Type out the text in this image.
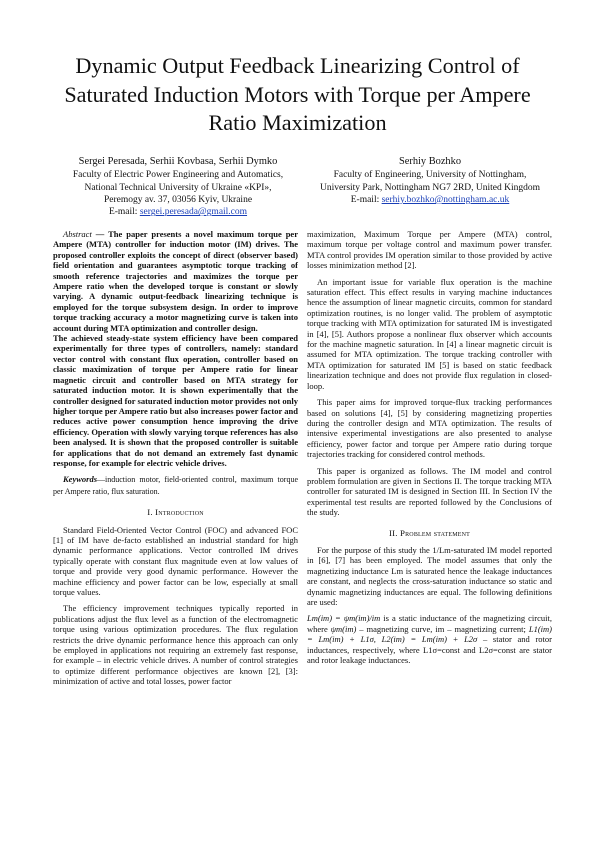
Dynamic Output Feedback Linearizing Control of Saturated Induction Motors with Torque per Ampere Ratio Maximization
Sergei Peresada, Serhii Kovbasa, Serhii Dymko
Faculty of Electric Power Engineering and Automatics,
National Technical University of Ukraine «KPI»,
Peremogy av. 37, 03056 Kyiv, Ukraine
E-mail: sergei.peresada@gmail.com
Serhiy Bozhko
Faculty of Engineering, University of Nottingham,
University Park, Nottingham NG7 2RD, United Kingdom
E-mail: serhiy.bozhko@nottingham.ac.uk

Abstract — The paper presents a novel maximum torque per Ampere (MTA) controller for induction motor (IM) drives. The proposed controller exploits the concept of direct (observer based) field orientation and guarantees asymptotic torque tracking of smooth reference trajectories and maximizes the torque per Ampere ratio when the developed torque is constant or slowly varying. A dynamic output-feedback linearizing technique is employed for the torque subsystem design. In order to improve torque tracking accuracy a motor magnetizing curve is taken into account during MTA optimization and controller design.

The achieved steady-state system efficiency have been compared experimentally for three types of controllers, namely: standard vector control with constant flux operation, controller based on classic maximization of torque per Ampere ratio for linear magnetic circuit and controller based on MTA strategy for saturated induction motor. It is shown experimentally that the controller designed for saturated induction motor provides not only higher torque per Ampere ratio but also increases power factor and reduces active power consumption hence improving the drive efficiency. Operation with slowly varying torque references has also been analysed. It is shown that the proposed controller is suitable for applications that do not demand an extremely fast dynamic response, for example for electric vehicle drives.

Keywords—induction motor, field-oriented control, maximum torque per Ampere ratio, flux saturation.

I. Introduction

Standard Field-Oriented Vector Control (FOC) and advanced FOC [1] of IM have de-facto established an industrial standard for high dynamic performance applications. Vector controlled IM drives typically operate with constant flux magnitude even at low values of torque and provide very good dynamic performance. However the machine efficiency and power factor can be low, especially at small torque values.

The efficiency improvement techniques typically reported in publications adjust the flux level as a function of the electromagnetic torque using various optimization procedures. The flux regulation restricts the drive dynamic performance hence this approach can only be employed in applications not requiring an extremely fast response, for example – in electric vehicle drives. A number of control strategies to optimize different performance objectives are known [2], [3]: minimization of active and total losses, power factor

maximization, Maximum Torque per Ampere (MTA) control, maximum torque per voltage control and maximum power transfer. MTA control provides IM operation similar to those provided by active losses minimization method [2].

An important issue for variable flux operation is the machine saturation effect. This effect results in varying machine inductances hence the assumption of linear magnetic circuits, common for standard optimization routines, is no longer valid. The problem of asymptotic torque tracking with MTA optimization for saturated IM is investigated in [4], [5]. Authors propose a nonlinear flux observer which accounts for the machine magnetic saturation. In [4] a linear magnetic circuit is assumed for MTA optimization. The torque tracking controller with MTA optimization for saturated IM [5] is based on static feedback linearization technique and does not provide flux regulation in closed-loop.

This paper aims for improved torque-flux tracking performances based on solutions [4], [5] by considering magnetizing properties during the controller design and MTA optimization. The results of intensive experimental investigations are also presented to analyse efficiency, power factor and torque per Ampere ratio during torque trajectories tracking for considered control methods.

This paper is organized as follows. The IM model and control problem formulation are given in Sections II. The torque tracking MTA controller for saturated IM is designed in Section III. In Section IV the experimental test results are reported followed by the Conclusions of the study.

II. Problem statement

For the purpose of this study the 1/Lm-saturated IM model reported in [6], [7] has been employed. The model assumes that only the magnetizing inductance Lm is saturated hence the leakage inductances are constant, and neglects the cross-saturation inductance so static and dynamic magnetizing inductances are equal. The following definitions are used:

Lm(im) = ψm(im)/im is a static inductance of the magnetizing circuit, where ψm(im) – magnetizing curve, im – magnetizing current; L1(im) = Lm(im) + L1σ, L2(im) = Lm(im) + L2σ – stator and rotor inductances, respectively, where L1σ=const and L2σ=const are stator and rotor leakage inductances.
